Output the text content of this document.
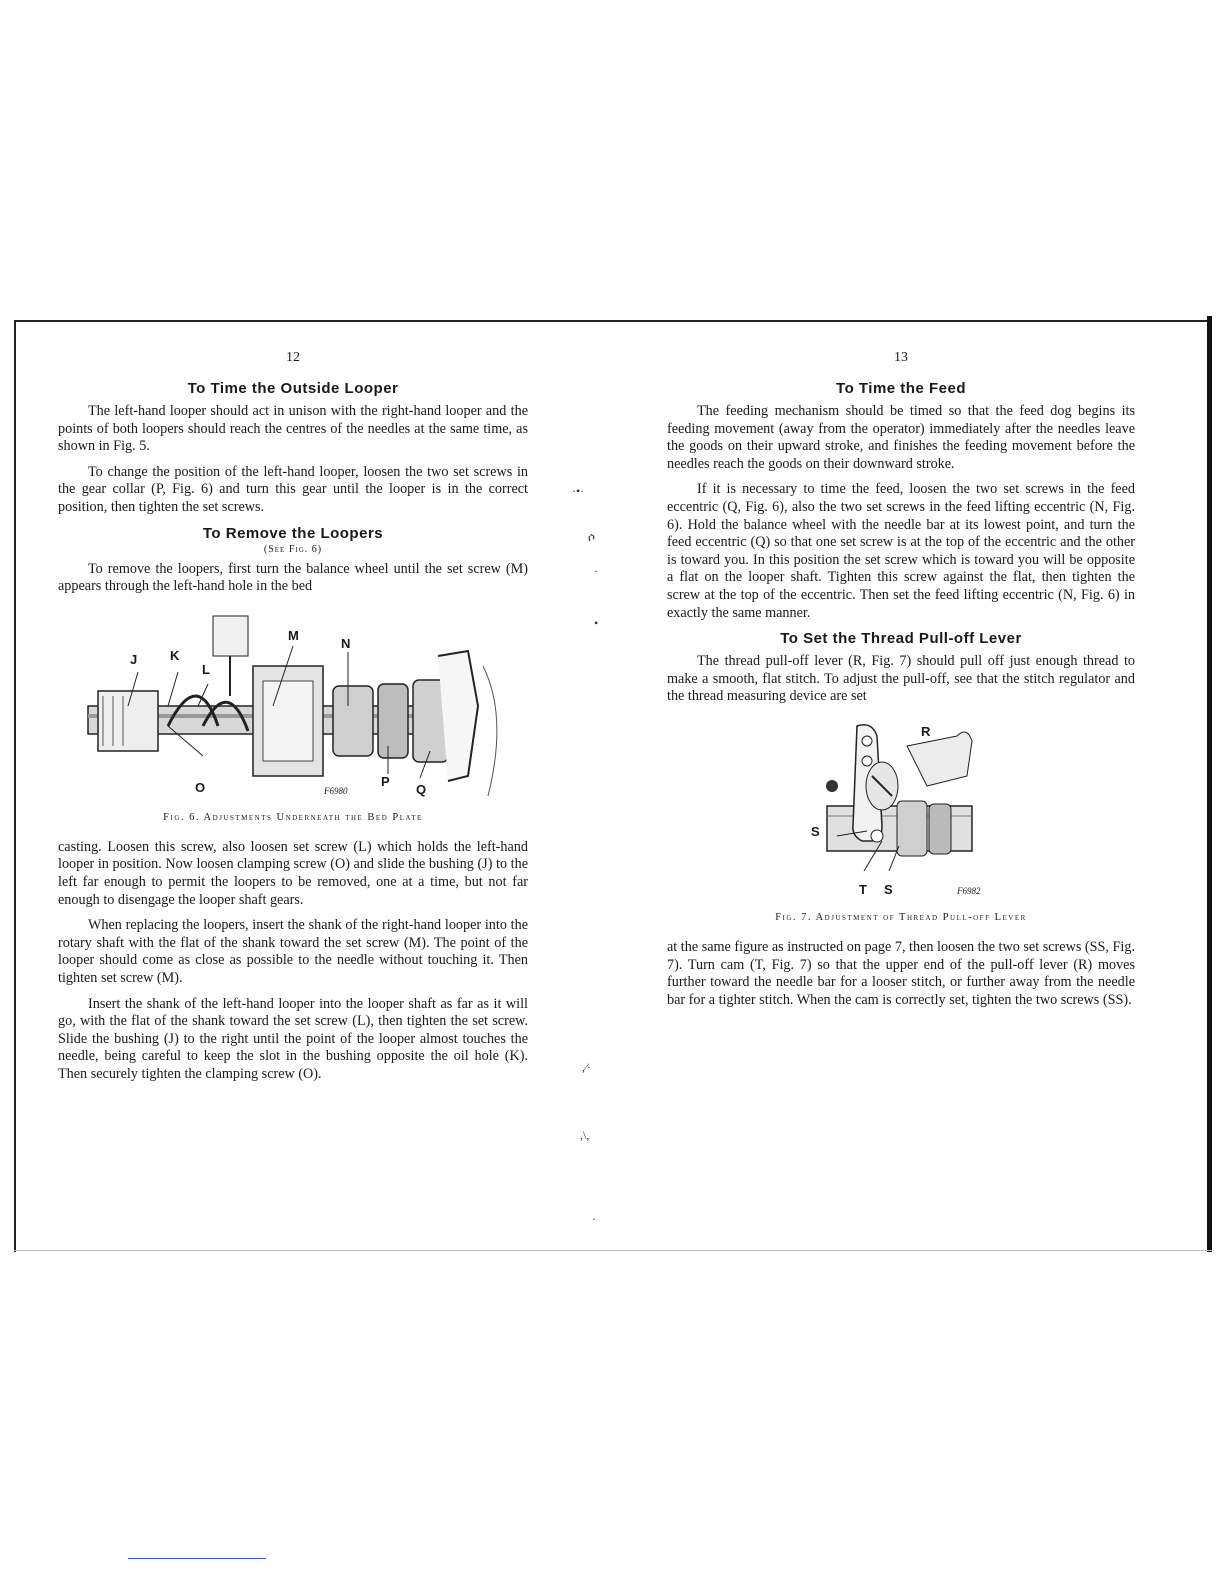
12
To Time the Outside Looper

The left-hand looper should act in unison with the right-hand looper and the points of both loopers should reach the centres of the needles at the same time, as shown in Fig. 5.

To change the position of the left-hand looper, loosen the two set screws in the gear collar (P, Fig. 6) and turn this gear until the looper is in the correct position, then tighten the set screws.

To Remove the Loopers
(See Fig. 6)

To remove the loopers, first turn the balance wheel until the set screw (M) appears through the left-hand hole in the bed

J	K
L
M
N
O	P
Q
F6980
Fig. 6. Adjustments Underneath the Bed Plate

casting. Loosen this screw, also loosen set screw (L) which holds the left-hand looper in position. Now loosen clamping screw (O) and slide the bushing (J) to the left far enough to permit the loopers to be removed, one at a time, but not far enough to disengage the looper shaft gears.

When replacing the loopers, insert the shank of the right-hand looper into the rotary shaft with the flat of the shank toward the set screw (M). The point of the looper should come as close as possible to the needle without touching it. Then tighten set screw (M).

Insert the shank of the left-hand looper into the looper shaft as far as it will go, with the flat of the shank toward the set screw (L), then tighten the set screw. Slide the bushing (J) to the right until the point of the looper almost touches the needle, being careful to keep the slot in the bushing opposite the oil hole (K). Then securely tighten the clamping screw (O).

·•·
ሶ
·
•
,⁄·
,\,
·
13
To Time the Feed

The feeding mechanism should be timed so that the feed dog begins its feeding movement (away from the operator) immediately after the needles leave the goods on their upward stroke, and finishes the feeding movement before the needles reach the goods on their downward stroke.

If it is necessary to time the feed, loosen the two set screws in the feed eccentric (Q, Fig. 6), also the two set screws in the feed lifting eccentric (N, Fig. 6). Hold the balance wheel with the needle bar at its lowest point, and turn the feed eccentric (Q) so that one set screw is at the top of the eccentric and the other is toward you. In this position the set screw which is toward you will be opposite a flat on the looper shaft. Tighten this screw against the flat, then tighten the screw at the top of the eccentric. Then set the feed lifting eccentric (N, Fig. 6) in exactly the same manner.

To Set the Thread Pull-off Lever

The thread pull-off lever (R, Fig. 7) should pull off just enough thread to make a smooth, flat stitch. To adjust the pull-off, see that the stitch regulator and the thread measuring device are set

R
S
T S	F6982
Fig. 7. Adjustment of Thread Pull-off Lever

at the same figure as instructed on page 7, then loosen the two set screws (SS, Fig. 7). Turn cam (T, Fig. 7) so that the upper end of the pull-off lever (R) moves further toward the needle bar for a looser stitch, or further away from the needle bar for a tighter stitch. When the cam is correctly set, tighten the two screws (SS).
